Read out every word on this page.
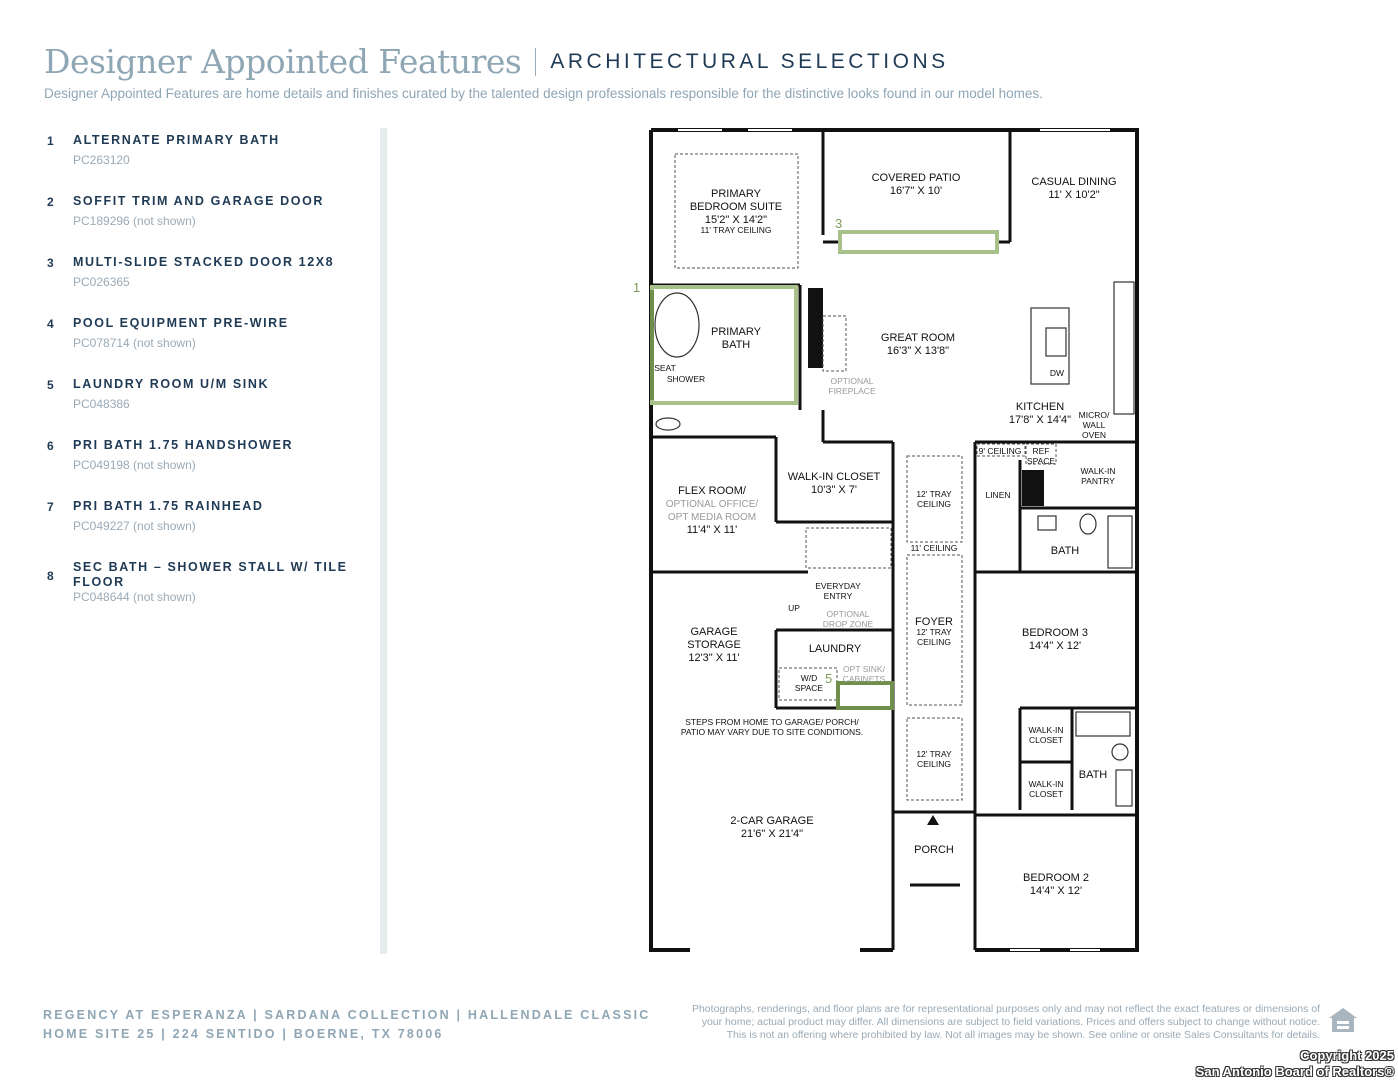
Designer Appointed Features ARCHITECTURAL SELECTIONS
Designer Appointed Features are home details and finishes curated by the talented design professionals responsible for the distinctive looks found in our model homes.
1 ALTERNATE PRIMARY BATH
PC263120
2 SOFFIT TRIM AND GARAGE DOOR
PC189296 (not shown)
3 MULTI-SLIDE STACKED DOOR 12X8
PC026365
4 POOL EQUIPMENT PRE-WIRE
PC078714 (not shown)
5 LAUNDRY ROOM U/M SINK
PC048386
6 PRI BATH 1.75 HANDSHOWER
PC049198 (not shown)
7 PRI BATH 1.75 RAINHEAD
PC049227 (not shown)
8
SEC BATH – SHOWER STALL W/ TILE FLOOR
PC048644 (not shown)
1
3
5
PRIMARY
BEDROOM SUITE
15'2" X 14'2"
11' TRAY CEILING
COVERED PATIO
16'7" X 10'
CASUAL DINING
11' X 10'2"
PRIMARY
BATH
SEAT
SHOWER	OPTIONAL
FIREPLACE
GREAT ROOM
16'3" X 13'8"
DW
KITCHEN
17'8" X 14'4" MICRO/
WALL
OVEN
9' CEILING REF
SPACE
WALK-IN
PANTRY
FLEX ROOM/
OPTIONAL OFFICE/
OPT MEDIA ROOM
11'4" X 11'
WALK-IN CLOSET
10'3" X 7'	12' TRAY
CEILING
LINEN
BATH
11' CEILING
EVERYDAY
ENTRY
UP
OPTIONAL
DROP ZONE
GARAGE
STORAGE
12'3" X 11'
LAUNDRY
OPT SINK/
CABINETS
W/D
SPACE
FOYER
12' TRAY
CEILING
BEDROOM 3
14'4" X 12'
STEPS FROM HOME TO GARAGE/ PORCH/
PATIO MAY VARY DUE TO SITE CONDITIONS.	WALK-IN
CLOSET
WALK-IN
CLOSET
BATH
12' TRAY
CEILING
2-CAR GARAGE
21'6" X 21'4"
PORCH
BEDROOM 2
14'4" X 12'
REGENCY AT ESPERANZA | SARDANA COLLECTION | HALLENDALE CLASSIC
HOME SITE 25 | 224 SENTIDO | BOERNE, TX 78006
Photographs, renderings, and floor plans are for representational purposes only and may not reflect the exact features or dimensions of
your home; actual product may differ. All dimensions are subject to field variations. Prices and offers subject to change without notice.
This is not an offering where prohibited by law. Not all images may be shown. See online or onsite Sales Consultants for details.
Copyright 2025
San Antonio Board of Realtors®
